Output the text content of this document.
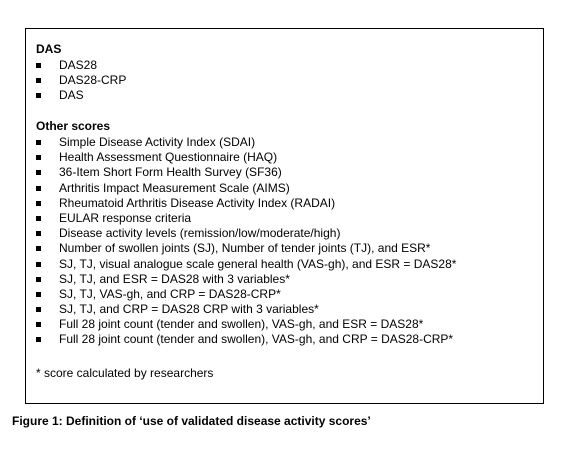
DAS
DAS28
DAS28-CRP
DAS
Other scores
Simple Disease Activity Index (SDAI)
Health Assessment Questionnaire (HAQ)
36-Item Short Form Health Survey (SF36)
Arthritis Impact Measurement Scale (AIMS)
Rheumatoid Arthritis Disease Activity Index (RADAI)
EULAR response criteria
Disease activity levels (remission/low/moderate/high)
Number of swollen joints (SJ), Number of tender joints (TJ), and ESR*
SJ, TJ, visual analogue scale general health (VAS-gh), and ESR = DAS28*
SJ, TJ, and ESR = DAS28 with 3 variables*
SJ, TJ, VAS-gh, and CRP = DAS28-CRP*
SJ, TJ, and CRP = DAS28 CRP with 3 variables*
Full 28 joint count (tender and swollen), VAS-gh, and ESR = DAS28*
Full 28 joint count (tender and swollen), VAS-gh, and CRP = DAS28-CRP*
* score calculated by researchers
Figure 1: Definition of ‘use of validated disease activity scores’
